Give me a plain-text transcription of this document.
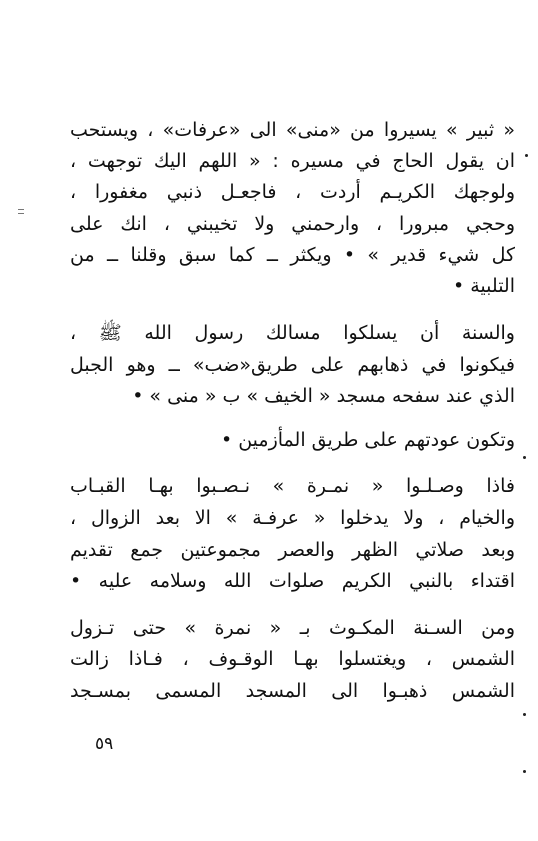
« ثبير » يسيروا من «منى» الى «عرفات» ، ويستحب
ان يقول الحاج في مسيره : « اللهم اليك توجهت ،
ولوجهك الكريـم أردت ، فاجعـل ذنبي مغفورا ،
وحجي مبرورا ، وارحمني ولا تخيبني ، انك على
كل شيء قدير » • ويكثر ــ كما سبق وقلنا ــ من
التلبية •
والسنة أن يسلكوا مسالك رسول الله ﷺ ،
فيكونوا في ذهابهم على طريق«ضب» ــ وهو الجبل
الذي عند سفحه مسجد « الخيف » ب « منى » •
وتكون عودتهم على طريق المأزمين •
فاذا وصـلـوا « نمـرة » نـصـبوا بهـا القبـاب
والخيام ، ولا يدخلوا « عرفـة » الا بعد الزوال ،
وبعد صلاتي الظهر والعصر مجموعتين جمع تقديم
اقتداء بالنبي الكريم صلوات الله وسلامه عليه •
ومن السـنة المكـوث بـ « نمرة » حتى تـزول
الشمس ، ويغتسلوا بهـا الوقـوف ، فـاذا زالت
الشمس ذهبـوا الى المسجد المسمى بمسـجد
٥٩
